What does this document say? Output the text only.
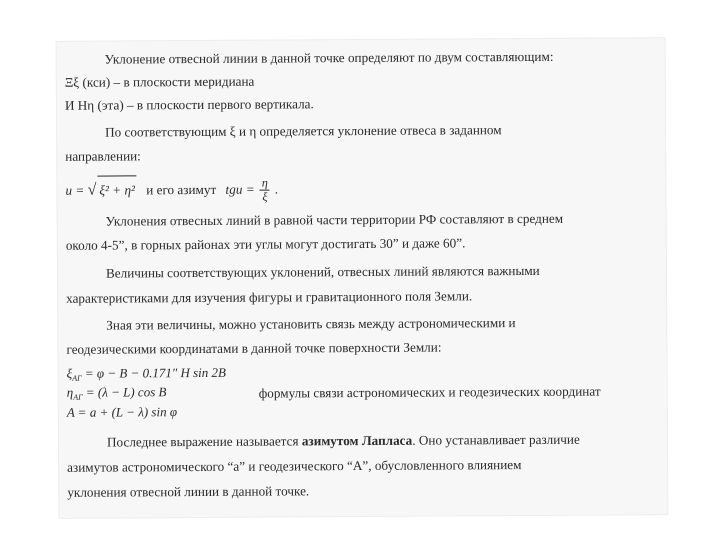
Уклонение отвесной линии в данной точке определяют по двум составляющим:
Ξξ (кси) – в плоскости меридиана
И Ηη (эта) – в плоскости первого вертикала.
По соответствующим ξ и η определяется уклонение отвеса в заданном
направлении:
u = √ ξ² + η² и его азимут tgu = $\frac{\eta}{\xi}$ .
Уклонения отвесных линий в равной части территории РФ составляют в среднем
около 4-5”, в горных районах эти углы могут достигать 30” и даже 60”.
Величины соответствующих уклонений, отвесных линий являются важными
характеристиками для изучения фигуры и гравитационного поля Земли.
Зная эти величины, можно установить связь между астрономическими и
геодезическими координатами в данной точке поверхности Земли:
$\xi_{АГ} = \varphi - B - 0.171''$ H sin 2B
$\eta_{АГ} = (\lambda - L)$ cos B	формулы связи астрономических и геодезических координат
A = a + (L − λ) sin φ
Последнее выражение называется азимутом Лапласа. Оно устанавливает различие
азимутов астрономического “а” и геодезического “А”, обусловленного влиянием
уклонения отвесной линии в данной точке.
